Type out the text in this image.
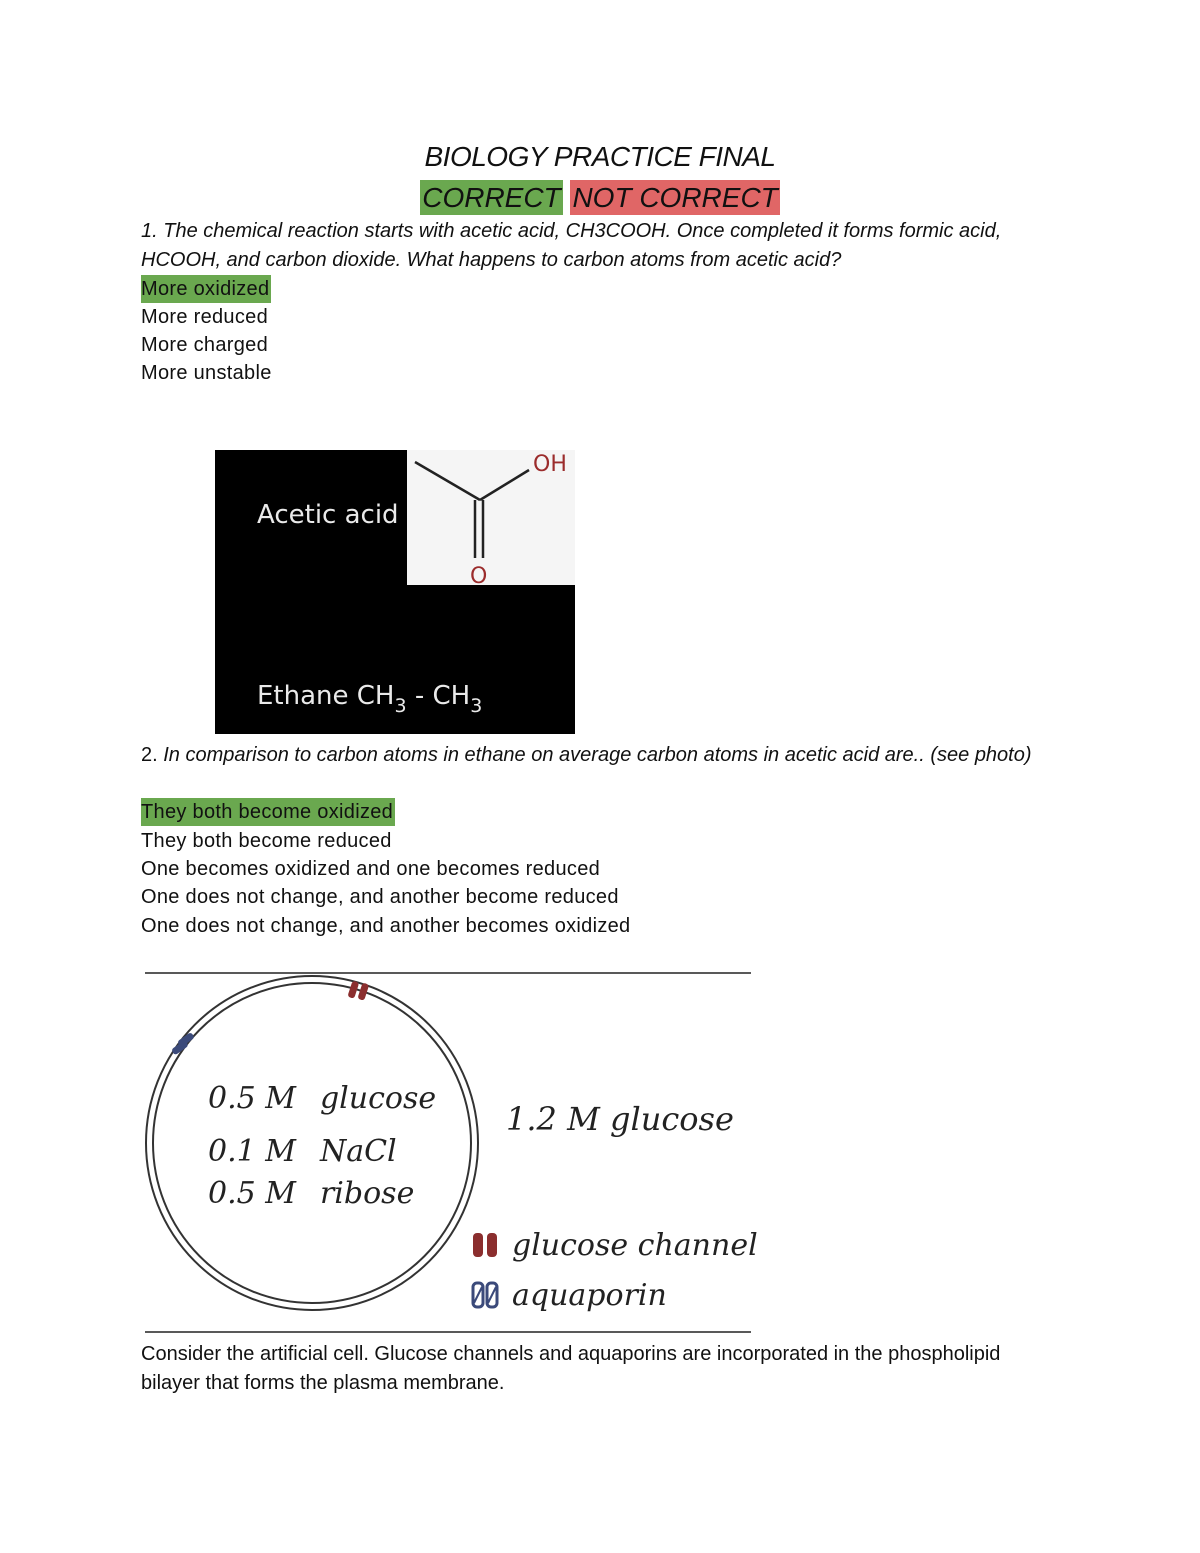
BIOLOGY PRACTICE FINAL
CORRECT NOT CORRECT
1. The chemical reaction starts with acetic acid, CH3COOH. Once completed it forms formic acid, HCOOH, and carbon dioxide. What happens to carbon atoms from acetic acid?
More oxidized
More reduced
More charged
More unstable
OH
O
Acetic acid
Ethane $CH_3 - CH_3$
2. In comparison to carbon atoms in ethane on average carbon atoms in acetic acid are.. (see photo)
They both become oxidized
They both become reduced
One becomes oxidized and one becomes reduced
One does not change, and another become reduced
One does not change, and another becomes oxidized
0.5 M glucose
0.1 M NaCl
0.5 M ribose
1.2 M glucose
glucose channel
aquaporin
Consider the artificial cell. Glucose channels and aquaporins are incorporated in the phospholipid bilayer that forms the plasma membrane.
